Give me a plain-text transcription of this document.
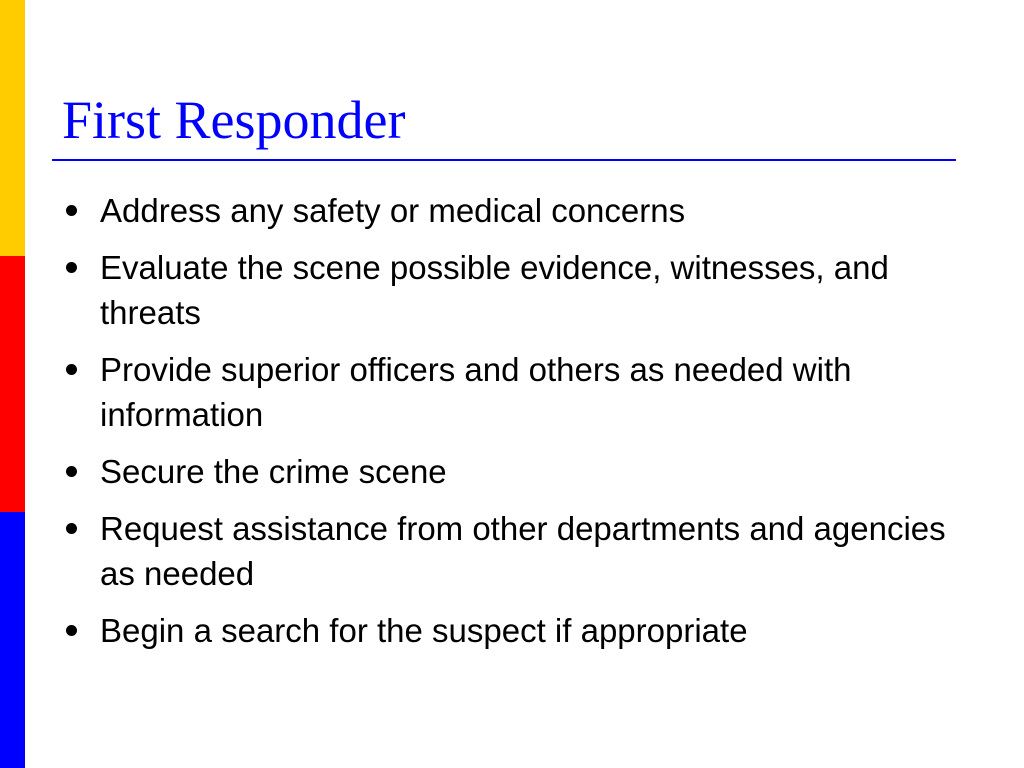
First Responder
Address any safety or medical concerns
Evaluate the scene possible evidence, witnesses, and threats
Provide superior officers and others as needed with information
Secure the crime scene
Request assistance from other departments and agencies as needed
Begin a search for the suspect if appropriate
